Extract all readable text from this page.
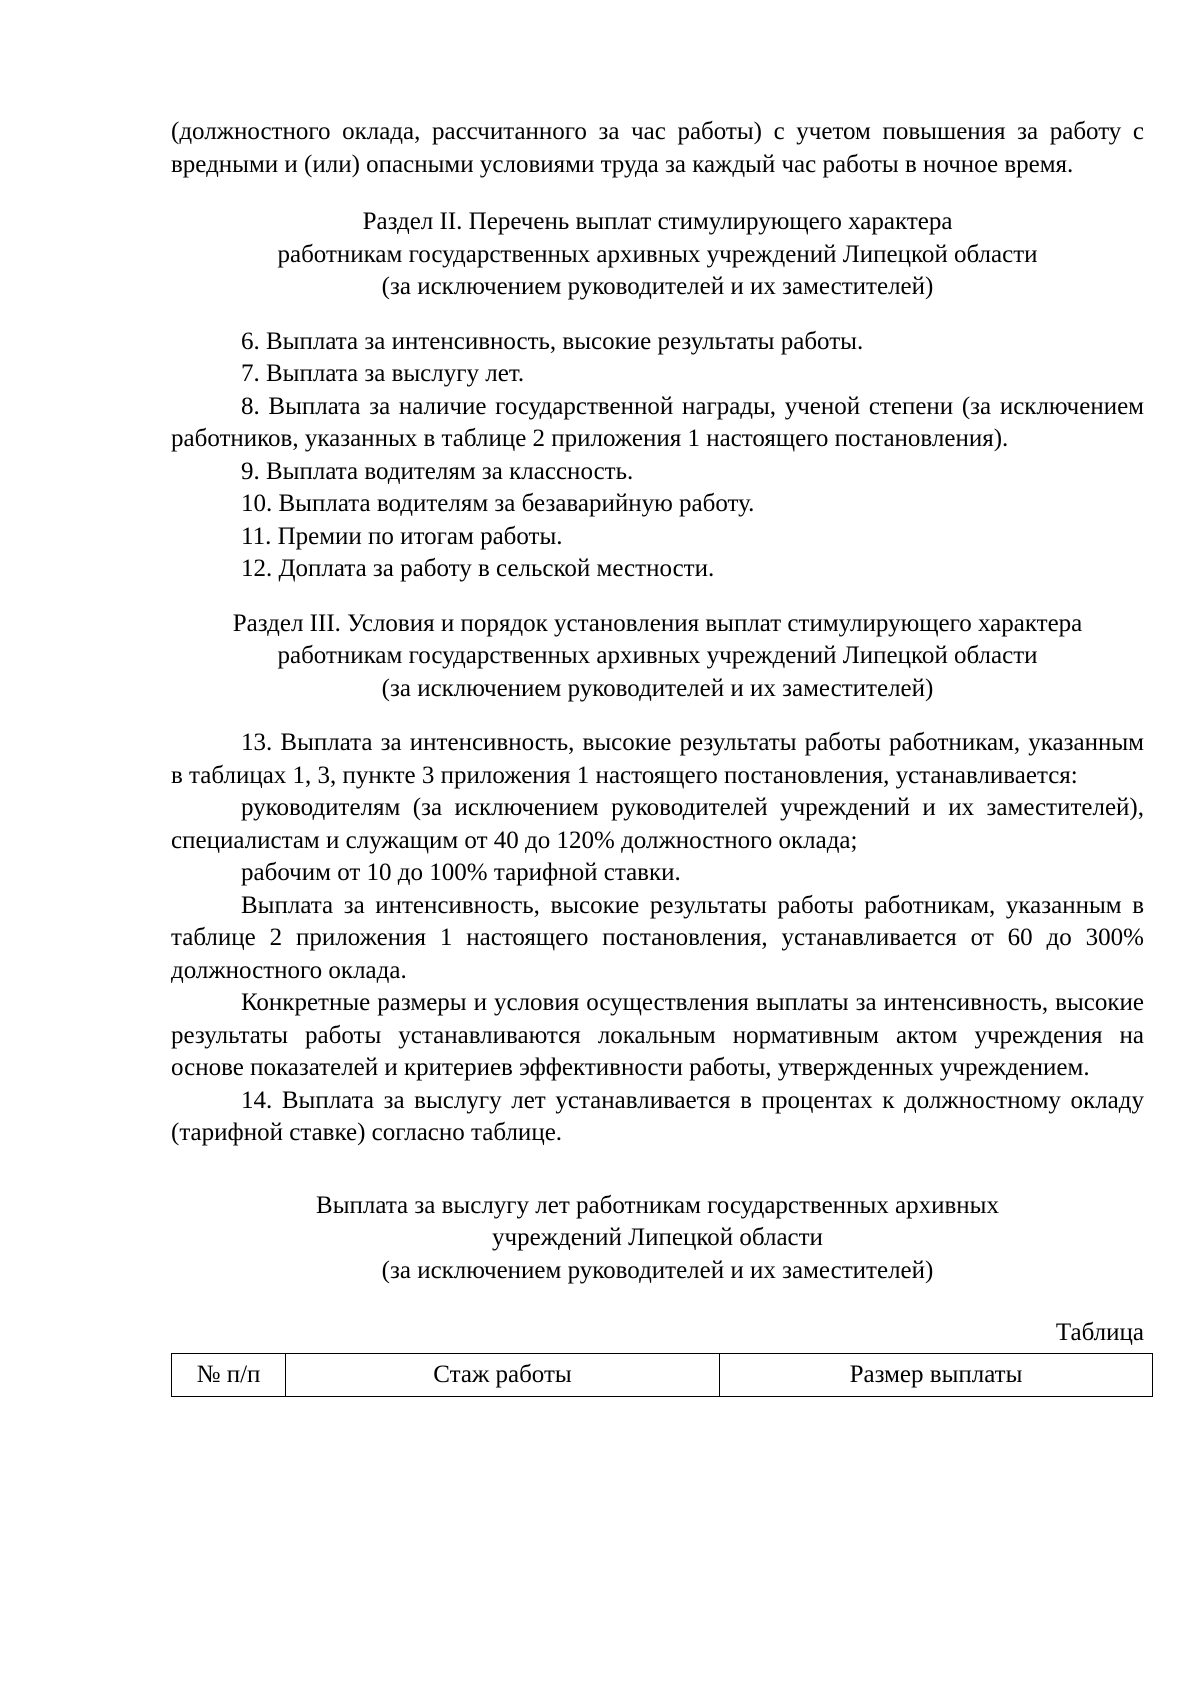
(должностного оклада, рассчитанного за час работы) с учетом повышения за работу с вредными и (или) опасными условиями труда за каждый час работы в ночное время.

Раздел II. Перечень выплат стимулирующего характера

работникам государственных архивных учреждений Липецкой области

(за исключением руководителей и их заместителей)

6. Выплата за интенсивность, высокие результаты работы.

7. Выплата за выслугу лет.

8. Выплата за наличие государственной награды, ученой степени (за исключением работников, указанных в таблице 2 приложения 1 настоящего постановления).

9. Выплата водителям за классность.

10. Выплата водителям за безаварийную работу.

11. Премии по итогам работы.

12. Доплата за работу в сельской местности.

Раздел III. Условия и порядок установления выплат стимулирующего характера

работникам государственных архивных учреждений Липецкой области

(за исключением руководителей и их заместителей)

13. Выплата за интенсивность, высокие результаты работы работникам, указанным в таблицах 1, 3, пункте 3 приложения 1 настоящего постановления, устанавливается:

руководителям (за исключением руководителей учреждений и их заместителей), специалистам и служащим от 40 до 120% должностного оклада;

рабочим от 10 до 100% тарифной ставки.

Выплата за интенсивность, высокие результаты работы работникам, указанным в таблице 2 приложения 1 настоящего постановления, устанавливается от 60 до 300% должностного оклада.

Конкретные размеры и условия осуществления выплаты за интенсивность, высокие результаты работы устанавливаются локальным нормативным актом учреждения на основе показателей и критериев эффективности работы, утвержденных учреждением.

14. Выплата за выслугу лет устанавливается в процентах к должностному окладу (тарифной ставке) согласно таблице.

Выплата за выслугу лет работникам государственных архивных

учреждений Липецкой области

(за исключением руководителей и их заместителей)

Таблица

№ п/п	Стаж работы	Размер выплаты
